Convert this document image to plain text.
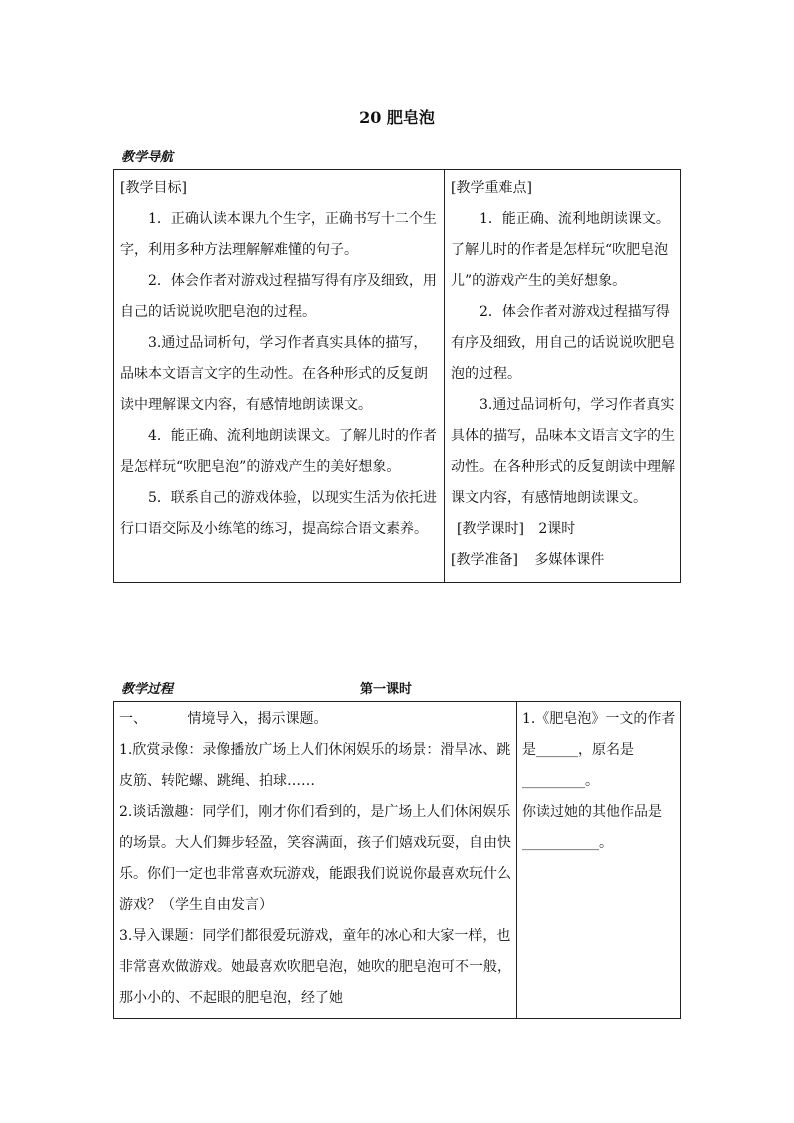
20 肥皂泡
教学导航

[教学目标]

1．正确认读本课九个生字，正确书写十二个生字，利用多种方法理解解难懂的句子。

2．体会作者对游戏过程描写得有序及细致，用自己的话说说吹肥皂泡的过程。

3.通过品词析句，学习作者真实具体的描写，品味本文语言文字的生动性。在各种形式的反复朗读中理解课文内容，有感情地朗读课文。

4．能正确、流利地朗读课文。了解儿时的作者是怎样玩“吹肥皂泡”的游戏产生的美好想象。

5．联系自己的游戏体验，以现实生活为依托进行口语交际及小练笔的练习，提高综合语文素养。

[教学重难点]

1．能正确、流利地朗读课文。了解儿时的作者是怎样玩“吹肥皂泡儿”的游戏产生的美好想象。

2．体会作者对游戏过程描写得有序及细致，用自己的话说说吹肥皂泡的过程。

3.通过品词析句，学习作者真实具体的描写，品味本文语言文字的生动性。在各种形式的反复朗读中理解课文内容，有感情地朗读课文。

[教学课时] 2课时

[教学准备] 多媒体课件

教学过程	第一课时

一、	情境导入，揭示课题。

1.欣赏录像：录像播放广场上人们休闲娱乐的场景：滑旱冰、跳皮筋、转陀螺、跳绳、拍球……

2.谈话激趣：同学们，刚才你们看到的，是广场上人们休闲娱乐的场景。大人们舞步轻盈，笑容满面，孩子们嬉戏玩耍，自由快乐。你们一定也非常喜欢玩游戏，能跟我们说说你最喜欢玩什么游戏？（学生自由发言）

3.导入课题：同学们都很爱玩游戏，童年的冰心和大家一样，也非常喜欢做游戏。她最喜欢吹肥皂泡，她吹的肥皂泡可不一般，那小小的、不起眼的肥皂泡，经了她

1.《肥皂泡》一文的作者是______，原名是_________。

你读过她的其他作品是___________。
